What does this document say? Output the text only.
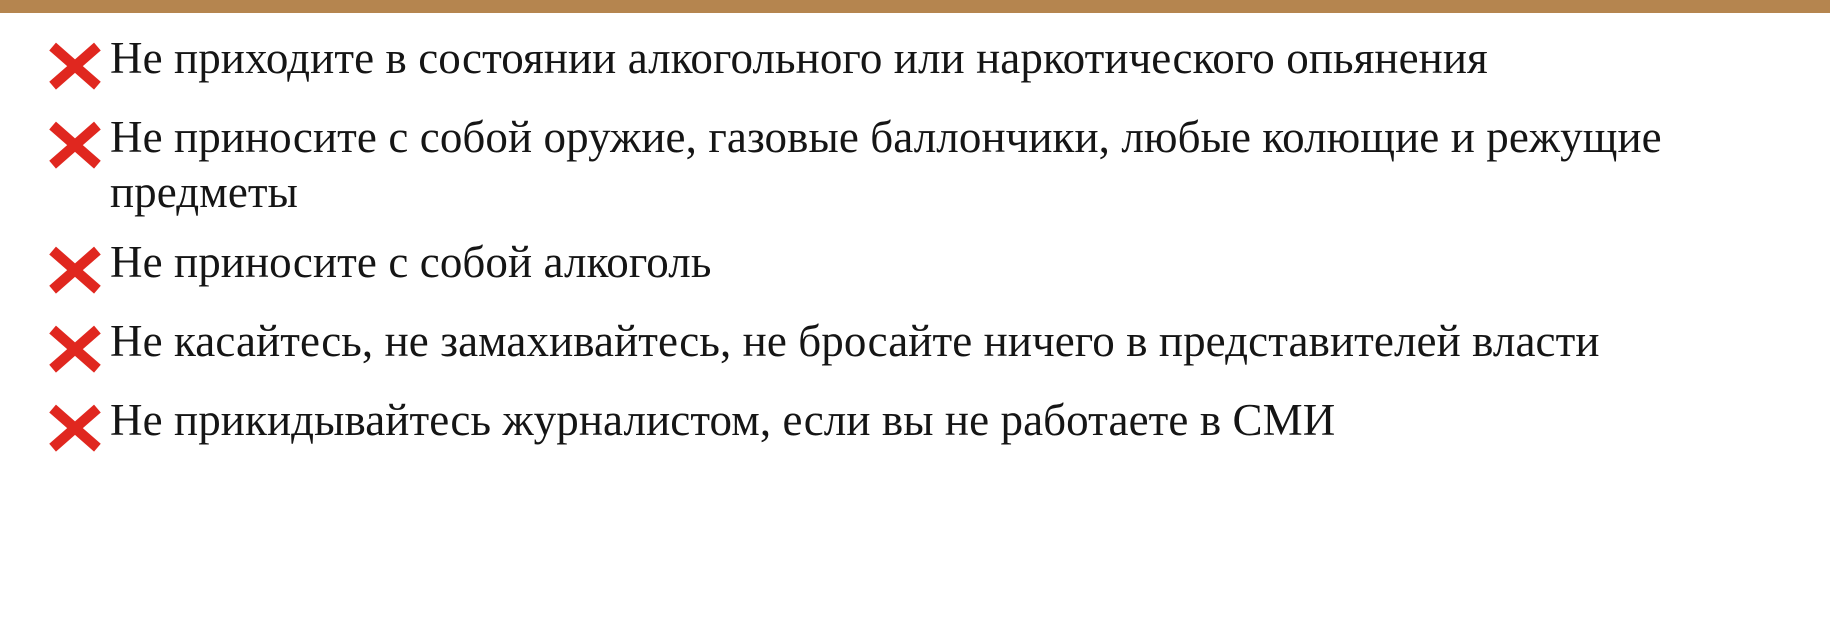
Не приходите в состоянии алкогольного или наркотического опьянения
Не приносите с собой оружие, газовые баллончики, любые колющие и режущие предметы
Не приносите с собой алкоголь
Не касайтесь, не замахивайтесь, не бросайте ничего в представителей власти
Не прикидывайтесь журналистом, если вы не работаете в СМИ
